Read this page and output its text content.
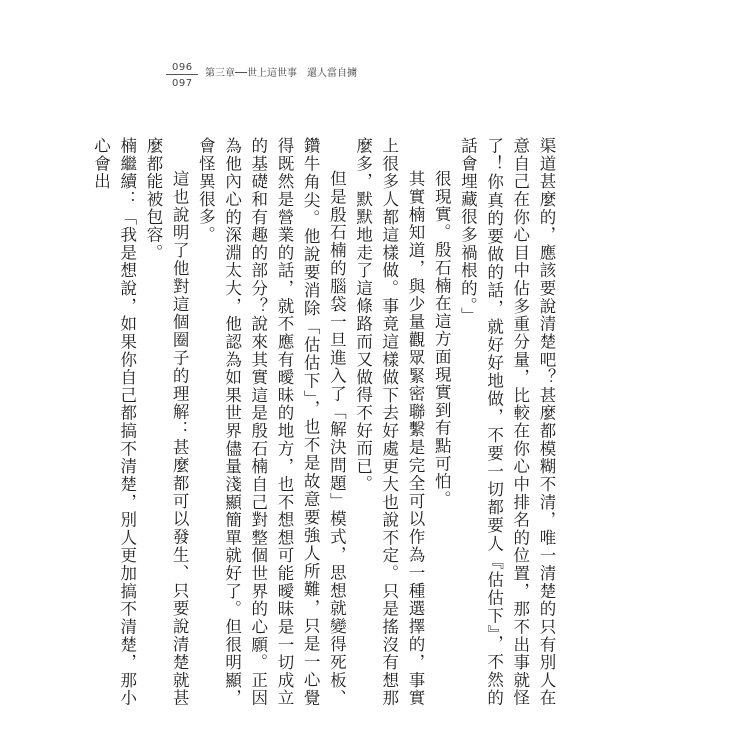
096
097
第三章──世上這世事　還人當自擄

渠道甚麼的，應該要說清楚吧？甚麼都模糊不清，唯一清楚的只有別人在意自己在你心目中佔多重分量，比較在你心中排名的位置，那不出事就怪了！你真的要做的話，就好好地做，不要一切都要人『估估下』，不然的話會埋藏很多禍根的。」

很現實。殷石楠在這方面現實到有點可怕。

其實楠知道，與少量觀眾緊密聯繫是完全可以作為一種選擇的，事實上很多人都這樣做。事竟這樣做下去好處更大也說不定。只是搖沒有想那麼多，默默地走了這條路而又做得不好而已。

但是殷石楠的腦袋一旦進入了「解決問題」模式，思想就變得死板、鑽牛角尖。他說要消除「估估下」，也不是故意要強人所難，只是一心覺得既然是營業的話，就不應有曖昧的地方，也不想想可能曖昧是一切成立的基礎和有趣的部分？說來其實這是殷石楠自己對整個世界的心願。正因為他內心的深淵太大，他認為如果世界儘量淺顯簡單就好了。但很明顯，會怪異很多。

這也說明了他對這個圈子的理解：甚麼都可以發生、只要說清楚就甚麼都能被包容。

楠繼續：「我是想說，如果你自己都搞不清楚，別人更加搞不清楚，那小心會出
